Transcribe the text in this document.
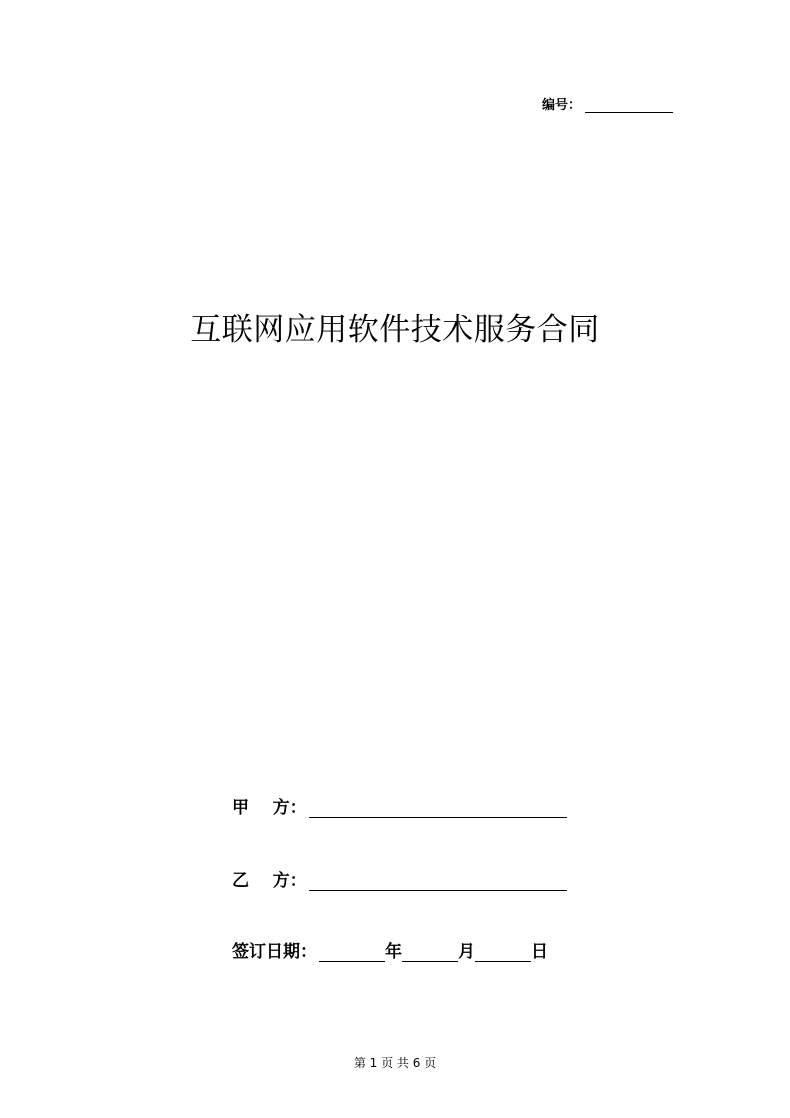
编号：
互联网应用软件技术服务合同
甲    方：
乙    方：
签订日期：	年	月	日
第 1 页 共 6 页
